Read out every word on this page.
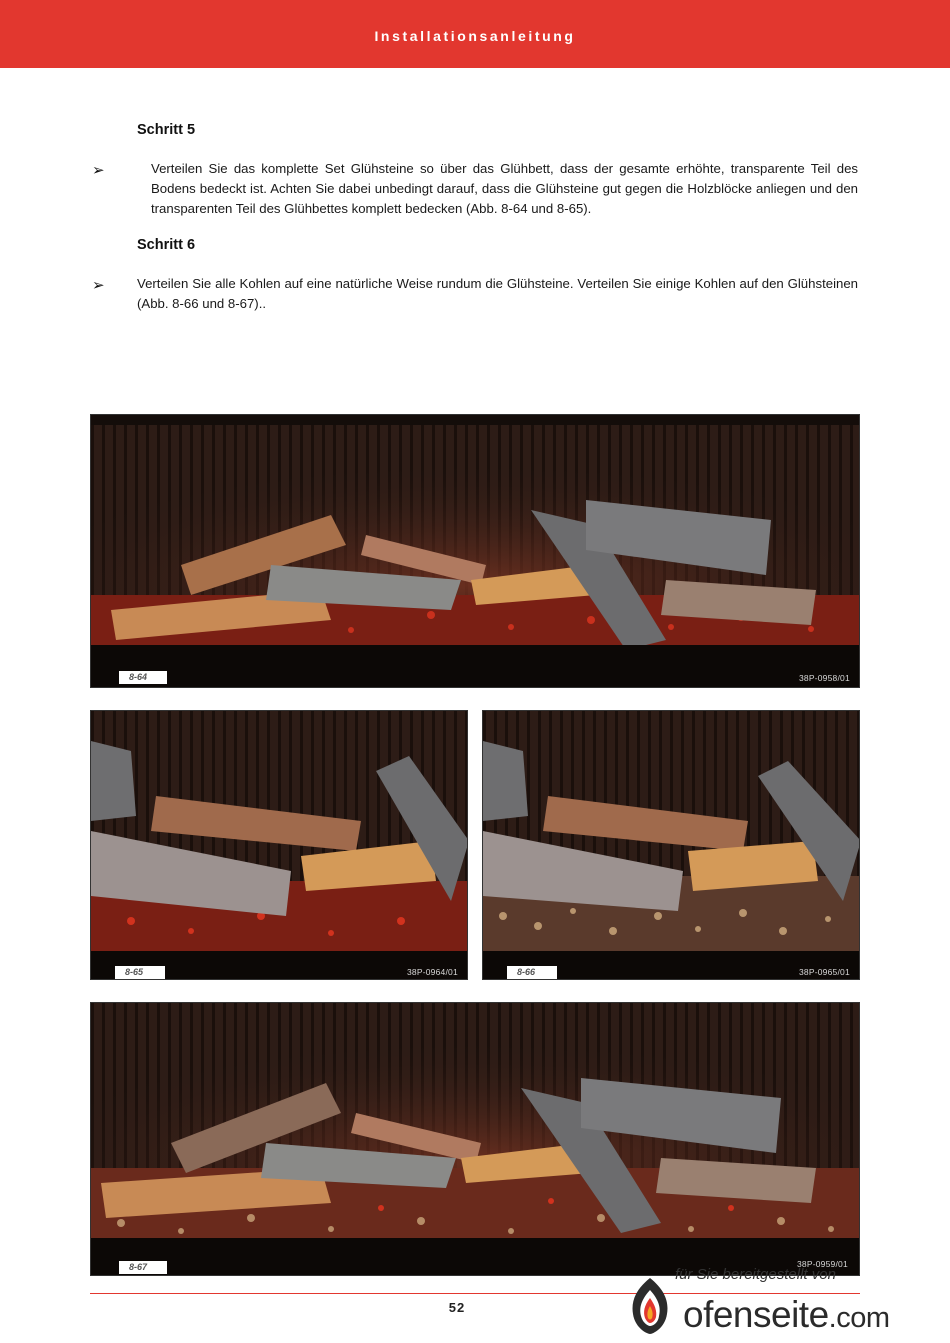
Installationsanleitung
Schritt 5
➢	Verteilen Sie das komplette Set Glühsteine so über das Glühbett, dass der gesamte erhöhte, transparente Teil des Bodens bedeckt ist. Achten Sie dabei unbedingt darauf, dass die Glühsteine gut gegen die Holzblöcke anliegen und den transparenten Teil des Glühbettes komplett bedecken (Abb. 8-64 und 8-65).
Schritt 6
➢ Verteilen Sie alle Kohlen auf eine natürliche Weise rundum die Glühsteine. Verteilen Sie einige Kohlen auf den Glühsteinen (Abb. 8-66 und 8-67)..
8-64	38P-0958/01
8-65	38P-0964/01	8-66	38P-0965/01
8-67	38P-0959/01
52
für Sie bereitgestellt von
ofenseite.com
